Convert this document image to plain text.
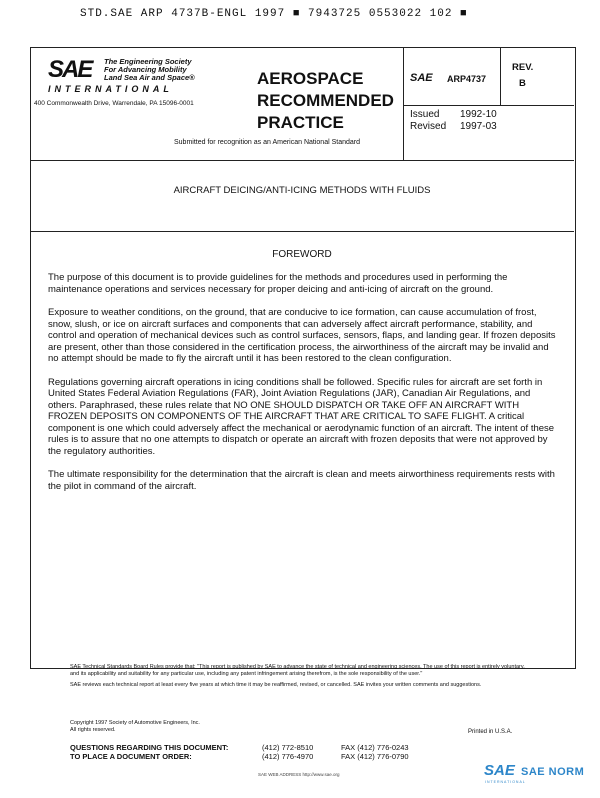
STD.SAE ARP 4737B-ENGL 1997 ■ 7943725 0553022 102 ■
SAE The Engineering Society
For Advancing Mobility
Land Sea Air and Space®
INTERNATIONAL
400 Commonwealth Drive, Warrendale, PA 15096-0001
AEROSPACE
RECOMMENDED
PRACTICE
Submitted for recognition as an American National Standard
SAE ARP4737
REV.
B
Issued 1992-10
Revised 1997-03
AIRCRAFT DEICING/ANTI-ICING METHODS WITH FLUIDS
FOREWORD

The purpose of this document is to provide guidelines for the methods and procedures used in performing the maintenance operations and services necessary for proper deicing and anti-icing of aircraft on the ground.

Exposure to weather conditions, on the ground, that are conducive to ice formation, can cause accumulation of frost, snow, slush, or ice on aircraft surfaces and components that can adversely affect aircraft performance, stability, and control and operation of mechanical devices such as control surfaces, sensors, flaps, and landing gear. If frozen deposits are present, other than those considered in the certification process, the airworthiness of the aircraft may be invalid and no attempt should be made to fly the aircraft until it has been restored to the clean configuration.

Regulations governing aircraft operations in icing conditions shall be followed. Specific rules for aircraft are set forth in United States Federal Aviation Regulations (FAR), Joint Aviation Regulations (JAR), Canadian Air Regulations, and others. Paraphrased, these rules relate that NO ONE SHOULD DISPATCH OR TAKE OFF AN AIRCRAFT WITH FROZEN DEPOSITS ON COMPONENTS OF THE AIRCRAFT THAT ARE CRITICAL TO SAFE FLIGHT. A critical component is one which could adversely affect the mechanical or aerodynamic function of an aircraft. The intent of these rules is to assure that no one attempts to dispatch or operate an aircraft with frozen deposits that were not approved by the regulatory authorities.

The ultimate responsibility for the determination that the aircraft is clean and meets airworthiness requirements rests with the pilot in command of the aircraft.

SAE Technical Standards Board Rules provide that: "This report is published by SAE to advance the state of technical and engineering sciences. The use of this report is entirely voluntary, and its applicability and suitability for any particular use, including any patent infringement arising therefrom, is the sole responsibility of the user."

SAE reviews each technical report at least every five years at which time it may be reaffirmed, revised, or cancelled. SAE invites your written comments and suggestions.

Copyright 1997 Society of Automotive Engineers, Inc.
All rights reserved.	Printed in U.S.A.
QUESTIONS REGARDING THIS DOCUMENT:
TO PLACE A DOCUMENT ORDER:
(412) 772-8510
(412) 776-4970
FAX (412) 776-0243
FAX (412) 776-0790
SAE WEB ADDRESS http://www.sae.org	SAE SAE NORM
INTERNATIONAL
